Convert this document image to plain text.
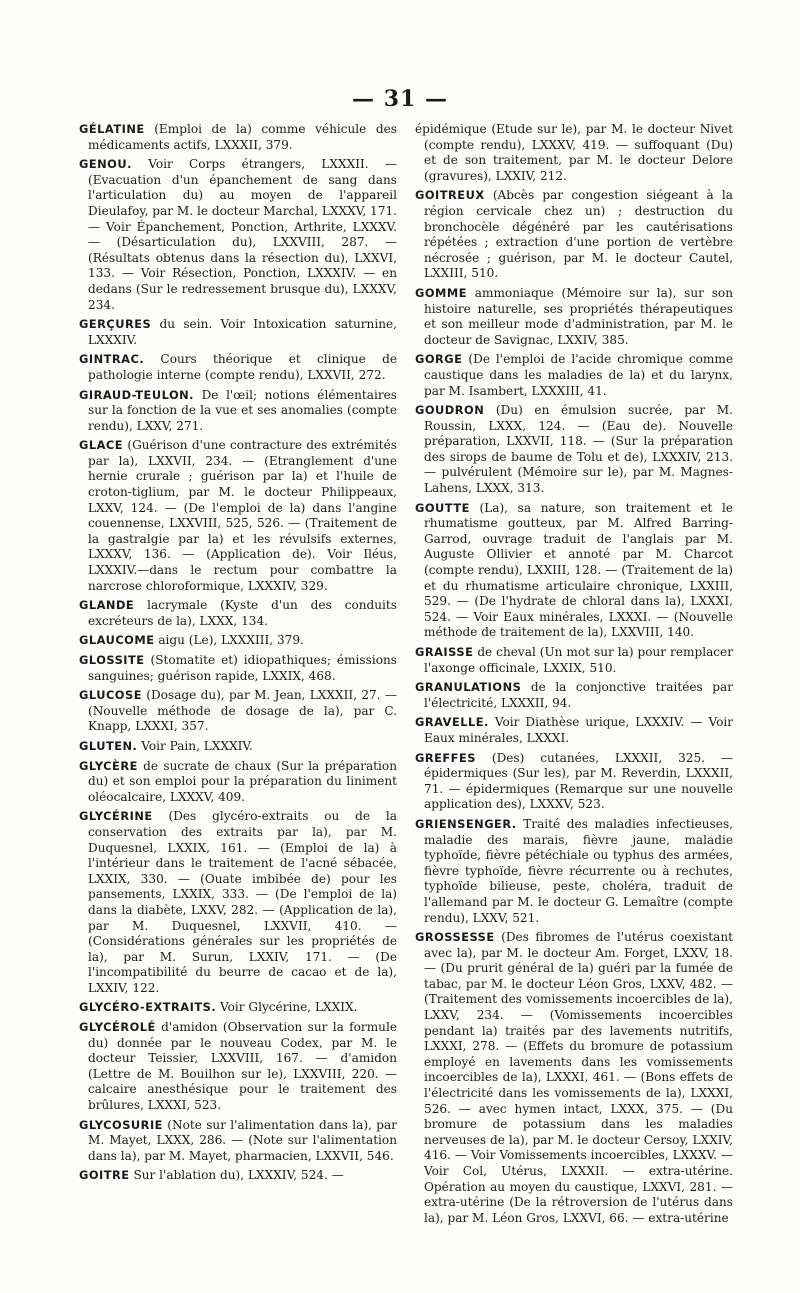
— 31 —

GÉLATINE (Emploi de la) comme véhicule des médicaments actifs, LXXXII, 379.

GENOU. Voir Corps étrangers, LXXXII. — (Evacuation d'un épanchement de sang dans l'articulation du) au moyen de l'appareil Dieulafoy, par M. le docteur Marchal, LXXXV, 171. — Voir Épanchement, Ponction, Arthrite, LXXXV. — (Désarticulation du), LXXVIII, 287. — (Résultats obtenus dans la résection du), LXXVI, 133. — Voir Résection, Ponction, LXXXIV. — en dedans (Sur le redressement brusque du), LXXXV, 234.

GERÇURES du sein. Voir Intoxication saturnine, LXXXIV.

GINTRAC. Cours théorique et clinique de pathologie interne (compte rendu), LXXVII, 272.

GIRAUD-TEULON. De l'œil; notions élémentaires sur la fonction de la vue et ses anomalies (compte rendu), LXXV, 271.

GLACE (Guérison d'une contracture des extrémités par la), LXXVII, 234. — (Etranglement d'une hernie crurale ; guérison par la) et l'huile de croton-tiglium, par M. le docteur Philippeaux, LXXV, 124. — (De l'emploi de la) dans l'angine couennense, LXXVIII, 525, 526. — (Traitement de la gastralgie par la) et les révulsifs externes, LXXXV, 136. — (Application de). Voir Iléus, LXXXIV.—dans le rectum pour combattre la narcrose chloroformique, LXXXIV, 329.

GLANDE lacrymale (Kyste d'un des conduits excréteurs de la), LXXX, 134.

GLAUCOME aigu (Le), LXXXIII, 379.

GLOSSITE (Stomatite et) idiopathiques; émissions sanguines; guérison rapide, LXXIX, 468.

GLUCOSE (Dosage du), par M. Jean, LXXXII, 27. — (Nouvelle méthode de dosage de la), par C. Knapp, LXXXI, 357.

GLUTEN. Voir Pain, LXXXIV.

GLYCÈRE de sucrate de chaux (Sur la préparation du) et son emploi pour la préparation du liniment oléocalcaire, LXXXV, 409.

GLYCÉRINE (Des glycéro-extraits ou de la conservation des extraits par la), par M. Duquesnel, LXXIX, 161. — (Emploi de la) à l'intérieur dans le traitement de l'acné sébacée, LXXIX, 330. — (Ouate imbibée de) pour les pansements, LXXIX, 333. — (De l'emploi de la) dans la diabète, LXXV, 282. — (Application de la), par M. Duquesnel, LXXVII, 410. — (Considérations générales sur les propriétés de la), par M. Surun, LXXIV, 171. — (De l'incompatibilité du beurre de cacao et de la), LXXIV, 122.

GLYCÉRO-EXTRAITS. Voir Glycérine, LXXIX.

GLYCÉROLÉ d'amidon (Observation sur la formule du) donnée par le nouveau Codex, par M. le docteur Teissier, LXXVIII, 167. — d'amidon (Lettre de M. Bouilhon sur le), LXXVIII, 220. — calcaire anesthésique pour le traitement des brûlures, LXXXI, 523.

GLYCOSURIE (Note sur l'alimentation dans la), par M. Mayet, LXXX, 286. — (Note sur l'alimentation dans la), par M. Mayet, pharmacien, LXXVII, 546.

GOITRE Sur l'ablation du), LXXXIV, 524. —

épidémique (Etude sur le), par M. le docteur Nivet (compte rendu), LXXXV, 419. — suffoquant (Du) et de son traitement, par M. le docteur Delore (gravures), LXXIV, 212.

GOITREUX (Abcès par congestion siégeant à la région cervicale chez un) ; destruction du bronchocèle dégénéré par les cautérisations répétées ; extraction d'une portion de vertèbre nécrosée ; guérison, par M. le docteur Cautel, LXXIII, 510.

GOMME ammoniaque (Mémoire sur la), sur son histoire naturelle, ses propriétés thérapeutiques et son meilleur mode d'administration, par M. le docteur de Savignac, LXXIV, 385.

GORGE (De l'emploi de l'acide chromique comme caustique dans les maladies de la) et du larynx, par M. Isambert, LXXXIII, 41.

GOUDRON (Du) en émulsion sucrée, par M. Roussin, LXXX, 124. — (Eau de). Nouvelle préparation, LXXVII, 118. — (Sur la préparation des sirops de baume de Tolu et de), LXXXIV, 213. — pulvérulent (Mémoire sur le), par M. Magnes-Lahens, LXXX, 313.

GOUTTE (La), sa nature, son traitement et le rhumatisme goutteux, par M. Alfred Barring-Garrod, ouvrage traduit de l'anglais par M. Auguste Ollivier et annoté par M. Charcot (compte rendu), LXXIII, 128. — (Traitement de la) et du rhumatisme articulaire chronique, LXXIII, 529. — (De l'hydrate de chloral dans la), LXXXI, 524. — Voir Eaux minérales, LXXXI. — (Nouvelle méthode de traitement de la), LXXVIII, 140.

GRAISSE de cheval (Un mot sur la) pour remplacer l'axonge officinale, LXXIX, 510.

GRANULATIONS de la conjonctive traitées par l'électricité, LXXXII, 94.

GRAVELLE. Voir Diathèse urique, LXXXIV. — Voir Eaux minérales, LXXXI.

GREFFES (Des) cutanées, LXXXII, 325. — épidermiques (Sur les), par M. Reverdin, LXXXII, 71. — épidermiques (Remarque sur une nouvelle application des), LXXXV, 523.

GRIENSENGER. Traité des maladies infectieuses, maladie des marais, fièvre jaune, maladie typhoïde, fièvre pétéchiale ou typhus des armées, fièvre typhoïde, fièvre récurrente ou à rechutes, typhoïde bilieuse, peste, choléra, traduit de l'allemand par M. le docteur G. Lemaître (compte rendu), LXXV, 521.

GROSSESSE (Des fibromes de l'utérus coexistant avec la), par M. le docteur Am. Forget, LXXV, 18. — (Du prurit général de la) guéri par la fumée de tabac, par M. le docteur Léon Gros, LXXV, 482. — (Traitement des vomissements incoercibles de la), LXXV, 234. — (Vomissements incoercibles pendant la) traités par des lavements nutritifs, LXXXI, 278. — (Effets du bromure de potassium employé en lavements dans les vomissements incoercibles de la), LXXXI, 461. — (Bons effets de l'électricité dans les vomissements de la), LXXXI, 526. — avec hymen intact, LXXX, 375. — (Du bromure de potassium dans les maladies nerveuses de la), par M. le docteur Cersoy, LXXIV, 416. — Voir Vomissements incoercibles, LXXXV. — Voir Col, Utérus, LXXXII. — extra-utérine. Opération au moyen du caustique, LXXVI, 281. — extra-utérine (De la rétroversion de l'utérus dans la), par M. Léon Gros, LXXVI, 66. — extra-utérine
